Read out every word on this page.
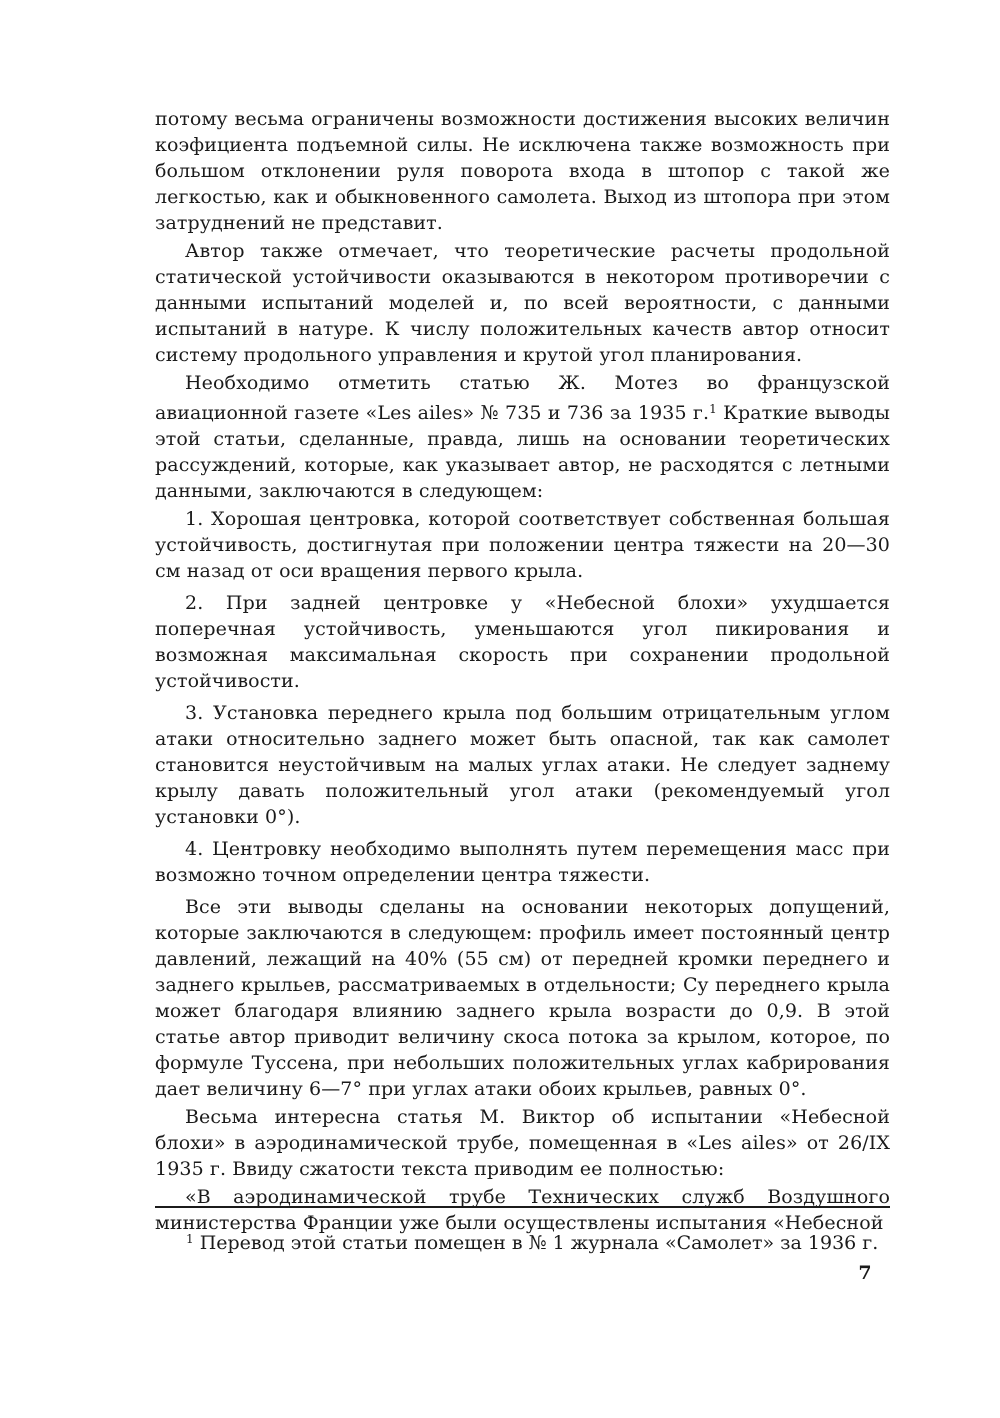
потому весьма ограничены возможности достижения высоких величин коэфициента подъемной силы. Не исключена также возможность при большом отклонении руля поворота входа в штопор с такой же легкостью, как и обыкновенного самолета. Выход из штопора при этом затруднений не представит.

Автор также отмечает, что теоретические расчеты продольной статической устойчивости оказываются в некотором противоречии с данными испытаний моделей и, по всей вероятности, с данными испытаний в натуре. К числу положительных качеств автор относит систему продольного управления и крутой угол планирования.

Необходимо отметить статью Ж. Мотез во французской авиационной газете «Les ailes» № 735 и 736 за 1935 г.$^1$ Краткие выводы этой статьи, сделанные, правда, лишь на основании теоретических рассуждений, которые, как указывает автор, не расходятся с летными данными, заключаются в следующем:

1. Хорошая центровка, которой соответствует собственная большая устойчивость, достигнутая при положении центра тяжести на 20—30 см назад от оси вращения первого крыла.

2. При задней центровке у «Небесной блохи» ухудшается поперечная устойчивость, уменьшаются угол пикирования и возможная максимальная скорость при сохранении продольной устойчивости.

3. Установка переднего крыла под большим отрицательным углом атаки относительно заднего может быть опасной, так как самолет становится неустойчивым на малых углах атаки. Не следует заднему крылу давать положительный угол атаки (рекомендуемый угол установки 0°).

4. Центровку необходимо выполнять путем перемещения масс при возможно точном определении центра тяжести.

Все эти выводы сделаны на основании некоторых допущений, которые заключаются в следующем: профиль имеет постоянный центр давлений, лежащий на 40% (55 см) от передней кромки переднего и заднего крыльев, рассматриваемых в отдельности; Cy переднего крыла может благодаря влиянию заднего крыла возрасти до 0,9. В этой статье автор приводит величину скоса потока за крылом, которое, по формуле Туссена, при небольших положительных углах кабрирования дает величину 6—7° при углах атаки обоих крыльев, равных 0°.

Весьма интересна статья М. Виктор об испытании «Небесной блохи» в аэродинамической трубе, помещенная в «Les ailes» от 26/IX 1935 г. Ввиду сжатости текста приводим ее полностью:

«В аэродинамической трубе Технических служб Воздушного министерства Франции уже были осуществлены испытания «Небесной

$^1$ Перевод этой статьи помещен в № 1 журнала «Самолет» за 1936 г.
7
